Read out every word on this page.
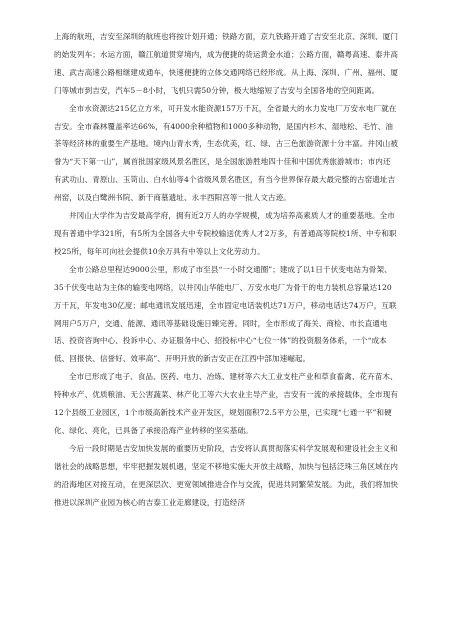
上海的航班，吉安至深圳的航班也将按计划开通；铁路方面，京九铁路开通了吉安至北京、深圳、厦门的始发列车；水运方面，赣江航道贯穿境内，成为便捷的货运黄金水道；公路方面，赣粤高速、泰井高速、武吉高速公路相继建成通车，快速便捷的立体交通网络已经形成。从上海、深圳、广州、福州、厦门等城市到吉安，汽车5－8小时，飞机只需50分钟，极大地缩短了吉安与全国各地的空间距离。

全市水资源达215亿立方米，可开发水能资源157万千瓦，全省最大的水力发电厂万安水电厂就在吉安。全市森林覆盖率达66%，有4000余种植物和1000多种动物，是国内杉木、湿地松、毛竹、油茶等经济林的重要生产基地。境内山青水秀，生态优美，红、绿、古三色旅游资源十分丰富。井冈山被誉为“天下第一山”，属首批国家级风景名胜区，是全国旅游胜地四十佳和中国优秀旅游城市；市内还有武功山、青原山、玉笥山、白水仙等4个省级风景名胜区，有当今世界保存最大最完整的古窑遗址吉州窑，以及白鹭洲书院、新干商墓遗址、永丰西阳宫等一批人文古迹。

井冈山大学作为吉安最高学府，拥有近2万人的办学规模，成为培养高素质人才的重要基地。全市现有普通中学321所，有5所为全国各大中专院校输送优秀人才2万多，有普通高等院校1所、中专和职校25所，每年可向社会提供10余万具有中等以上文化劳动力。

全市公路总里程达9000公里，形成了市至县“一小时交通圈”；建成了以1日千伏变电站为骨架、35千伏变电站为主体的输变电网络，以井冈山华能电厂、万安水电厂为骨干的电力装机总容量达120万千瓦，年发电30亿度；邮电通讯发展迅速，全市固定电话装机达71万户，移动电话达74万户，互联网用户5万户，交通、能源、通讯等基础设施日臻完善。同时，全市形成了海关、商检、市长直通电话、投资咨询中心、投诉中心、办证服务中心、招投标中心“七位一体”的投资服务体系，一个“成本低、回报快、信誉好、效率高”、开明开放的新吉安正在江西中部加速崛起。

全市已形成了电子、食品、医药、电力、冶炼、建材等六大工业支柱产业和草食畜禽、花卉苗木、特种水产、优质粮油、无公害蔬菜、林产化工等六大农业主导产业，吉安有一流的承接载体，全市现有12个县级工业园区，1个市级高新技术产业开发区，规划面积72.5平方公里，已实现“七通一平”和硬化、绿化、亮化，已具备了承接沿海产业转移的坚实基础。

今后一段时期是吉安加快发展的重要历史阶段，吉安将认真贯彻落实科学发展观和建设社会主义和谐社会的战略思想，牢牢把握发展机遇，坚定不移地实施大开放主战略，加快与包括泛珠三角区域在内的沿海地区对接互动，在更深层次、更宽领域推进合作与交流，促进共同繁荣发展。为此，我们将加快推进以深圳产业园为核心的吉泰工业走廊建设，打造经济
